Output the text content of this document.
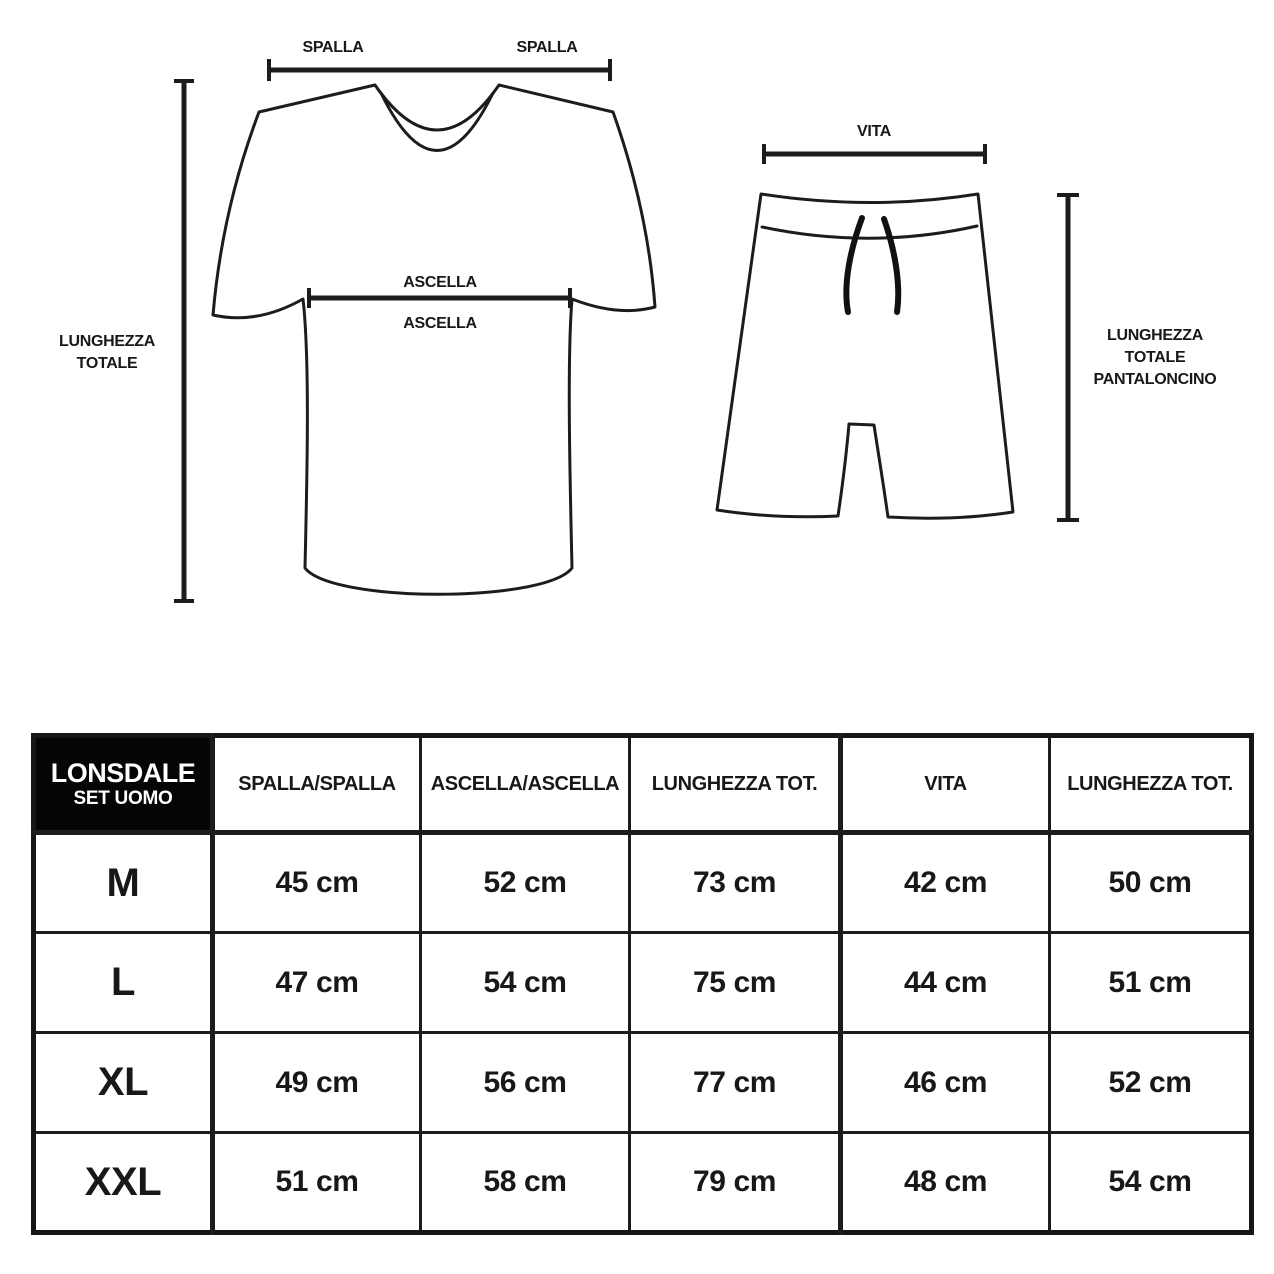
SPALLA	SPALLA
ASCELLA
ASCELLA
LUNGHEZZA
TOTALE
VITA
LUNGHEZZA
TOTALE
PANTALONCINO
LONSDALE
SET UOMO	SPALLA/SPALLA	ASCELLA/ASCELLA	LUNGHEZZA TOT.	VITA	LUNGHEZZA TOT.
M	45 cm	52 cm	73 cm	42 cm	50 cm
L	47 cm	54 cm	75 cm	44 cm	51 cm
XL	49 cm	56 cm	77 cm	46 cm	52 cm
XXL	51 cm	58 cm	79 cm	48 cm	54 cm
